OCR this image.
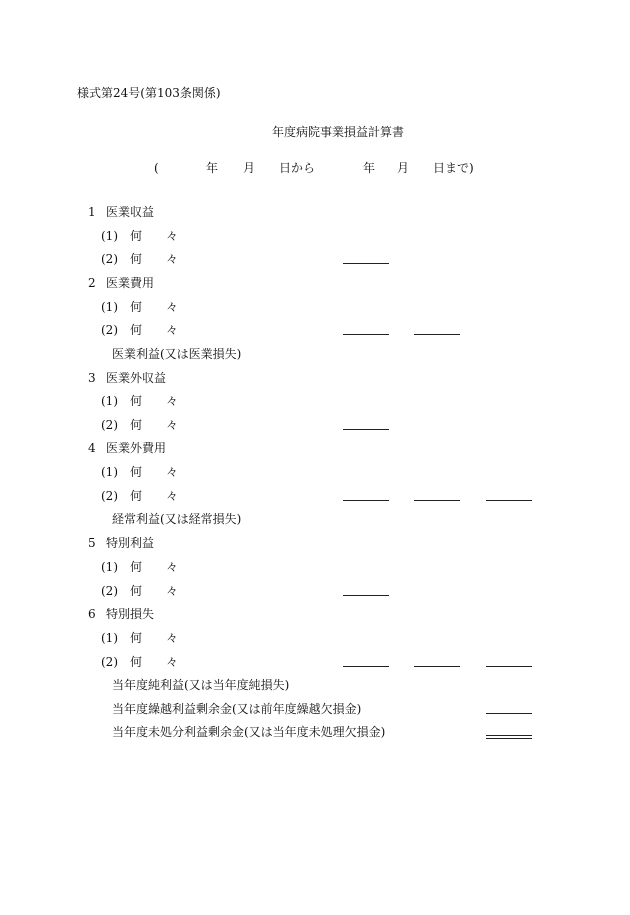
様式第24号(第103条関係)
年度病院事業損益計算書
(	年 月 日から	年 月 日まで)
1 医業収益
(1) 何 々
(2) 何 々
2 医業費用
(1) 何 々
(2) 何 々
医業利益(又は医業損失)
3 医業外収益
(1) 何 々
(2) 何 々
4 医業外費用
(1) 何 々
(2) 何 々
経常利益(又は経常損失)
5 特別利益
(1) 何 々
(2) 何 々
6 特別損失
(1) 何 々
(2) 何 々
当年度純利益(又は当年度純損失)
当年度繰越利益剰余金(又は前年度繰越欠損金)
当年度未処分利益剰余金(又は当年度未処理欠損金)
